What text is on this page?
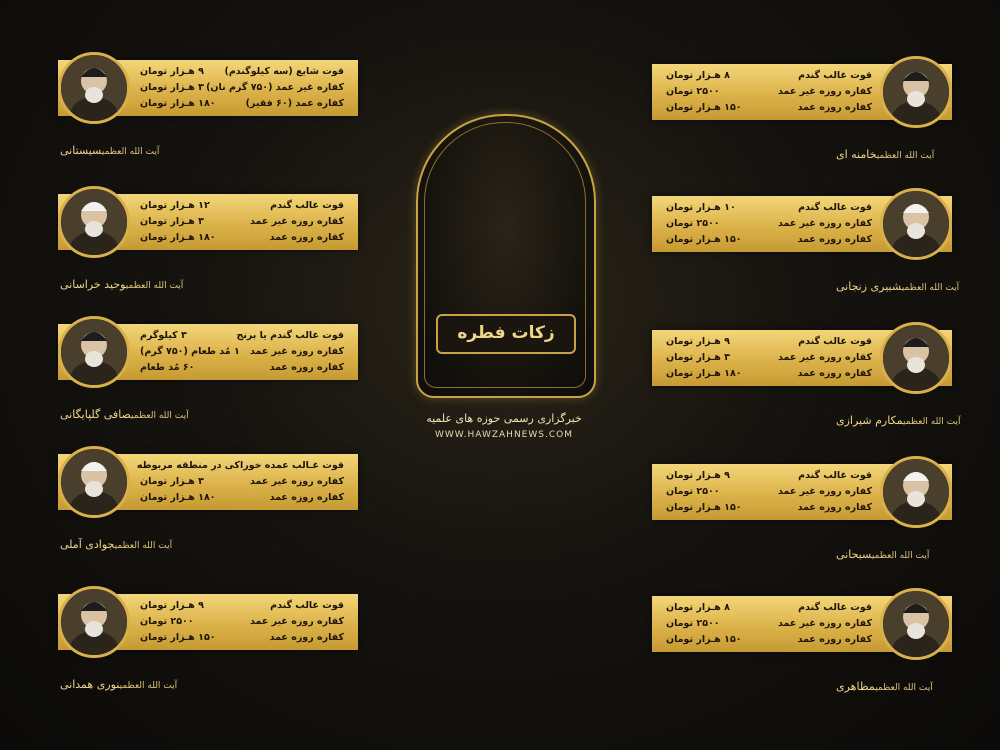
زکات فطره
خبرگزاری رسمی حوزه های علمیه
WWW.HAWZAHNEWS.COM
قوت شایع (سه کیلوگندم)
۹ هـزار تومان
کفاره غیر عمد (۷۵۰ گرم نان)
۳ هـزار تومان
کفاره عمد (۶۰ فقیر)
۱۸۰ هـزار تومان
آیت الله العظمیسیستانی
قوت غالب گندم
۱۲ هـزار تومان
کفاره روزه غیر عمد
۳ هـزار تومان
کفاره روزه عمد
۱۸۰ هـزار تومان
آیت الله العظمیوحید خراسانی
قوت غالب گندم یا برنج
۳ کیلوگرم
کفاره روزه غیر عمد
۱ مُد طعام (۷۵۰ گرم)
کفاره روزه عمد
۶۰ مُد طعام
آیت الله العظمیصافی گلپایگانی
قوت غـالب عمده خوراکی در منطقه مربوطه
کفاره روزه غیر عمد
۳ هـزار تومان
کفاره روزه عمد
۱۸۰ هـزار تومان
آیت الله العظمیجوادی آملی
قوت غالب گندم
۹ هـزار تومان
کفاره روزه غیر عمد
۲۵۰۰ تومان
کفاره روزه عمد
۱۵۰ هـزار تومان
آیت الله العظمینوری همدانی
قوت غالب گندم
۸ هـزار تومان
کفاره روزه غیر عمد
۲۵۰۰ تومان
کفاره روزه عمد
۱۵۰ هـزار تومان
آیت الله العظمیخامنه ای
قوت غالب گندم
۱۰ هـزار تومان
کفاره روزه غیر عمد
۲۵۰۰ تومان
کفاره روزه عمد
۱۵۰ هـزار تومان
آیت الله العظمیشبیری زنجانی
قوت غالب گندم
۹ هـزار تومان
کفاره روزه غیر عمد
۳ هـزار تومان
کفاره روزه عمد
۱۸۰ هـزار تومان
آیت الله العظمیمکارم شیرازی
قوت غالب گندم
۹ هـزار تومان
کفاره روزه غیر عمد
۲۵۰۰ تومان
کفاره روزه عمد
۱۵۰ هـزار تومان
آیت الله العظمیسبحانی
قوت غالب گندم
۸ هـزار تومان
کفاره روزه غیر عمد
۲۵۰۰ تومان
کفاره روزه عمد
۱۵۰ هـزار تومان
آیت الله العظمیمظاهری
